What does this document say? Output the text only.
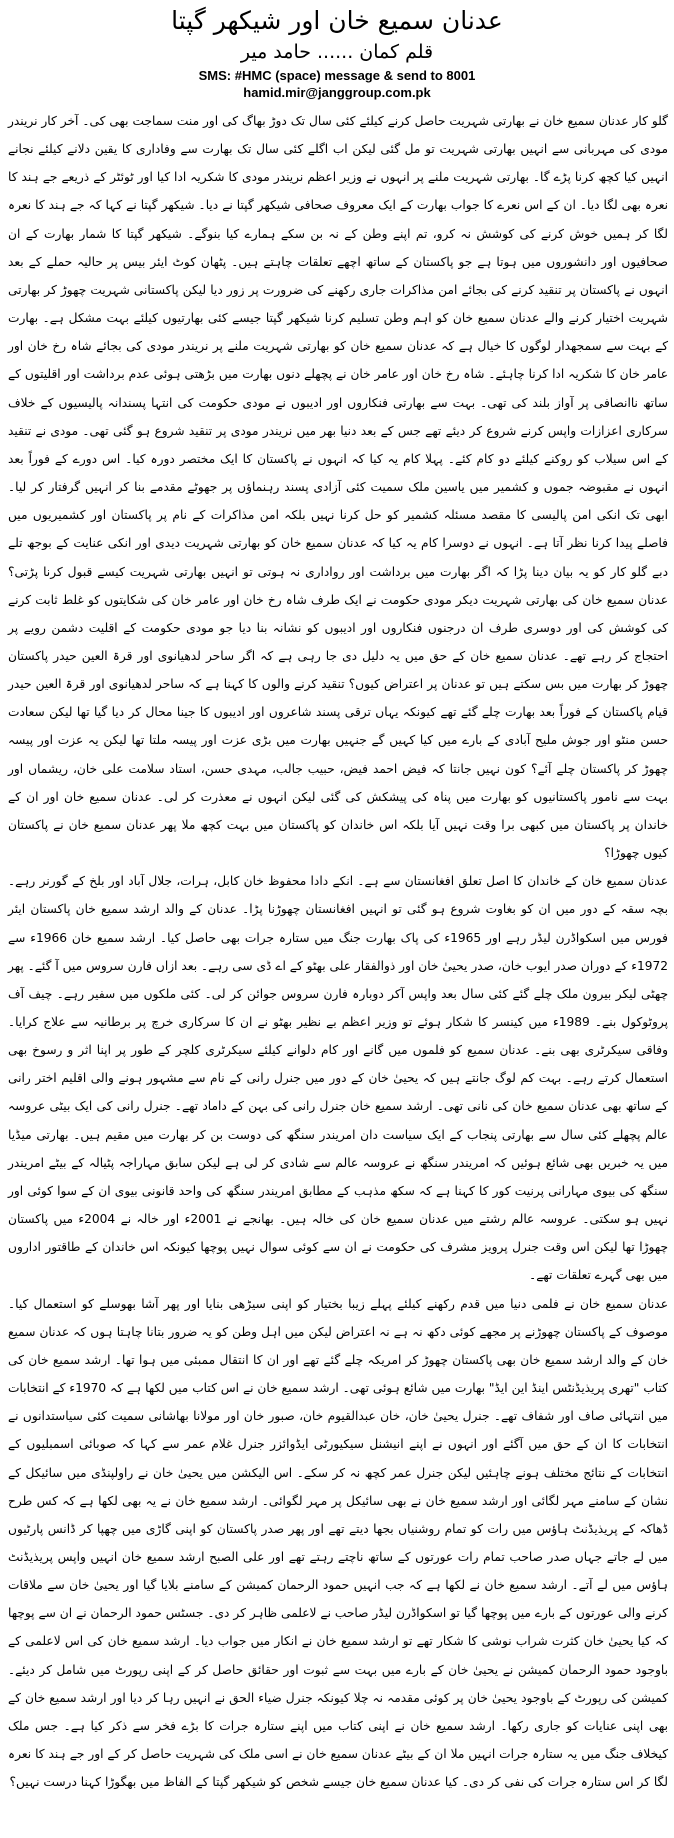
عدنان سمیع خان اور شیکھر گپتا
قلم کمان ...... حامد میر
SMS: #HMC (space) message & send to 8001
hamid.mir@janggroup.com.pk

گلو کار عدنان سمیع خان نے بھارتی شہریت حاصل کرنے کیلئے کئی سال تک دوڑ بھاگ کی اور منت سماجت بھی کی۔ آخر کار نریندر مودی کی مہربانی سے انہیں بھارتی شہریت تو مل گئی لیکن اب اگلے کئی سال تک بھارت سے وفاداری کا یقین دلانے کیلئے نجانے انہیں کیا کچھ کرنا پڑے گا۔ بھارتی شہریت ملنے پر انہوں نے وزیر اعظم نریندر مودی کا شکریہ ادا کیا اور ٹوئٹر کے ذریعے جے ہند کا نعرہ بھی لگا دیا۔ ان کے اس نعرے کا جواب بھارت کے ایک معروف صحافی شیکھر گپتا نے دیا۔ شیکھر گپتا نے کہا کہ جے ہند کا نعرہ لگا کر ہمیں خوش کرنے کی کوشش نہ کرو، تم اپنے وطن کے نہ بن سکے ہمارے کیا بنوگے۔ شیکھر گپتا کا شمار بھارت کے ان صحافیوں اور دانشوروں میں ہوتا ہے جو پاکستان کے ساتھ اچھے تعلقات چاہتے ہیں۔ پٹھان کوٹ ایئر بیس پر حالیہ حملے کے بعد انہوں نے پاکستان پر تنقید کرنے کی بجائے امن مذاکرات جاری رکھنے کی ضرورت پر زور دیا لیکن پاکستانی شہریت چھوڑ کر بھارتی شہریت اختیار کرنے والے عدنان سمیع خان کو اہم وطن تسلیم کرنا شیکھر گپتا جیسے کئی بھارتیوں کیلئے بہت مشکل ہے۔ بھارت کے بہت سے سمجھدار لوگوں کا خیال ہے کہ عدنان سمیع خان کو بھارتی شہریت ملنے پر نریندر مودی کی بجائے شاہ رخ خان اور عامر خان کا شکریہ ادا کرنا چاہئے۔ شاہ رخ خان اور عامر خان نے پچھلے دنوں بھارت میں بڑھتی ہوئی عدم برداشت اور اقلیتوں کے ساتھ ناانصافی پر آواز بلند کی تھی۔ بہت سے بھارتی فنکاروں اور ادیبوں نے مودی حکومت کی انتہا پسندانہ پالیسیوں کے خلاف سرکاری اعزازات واپس کرنے شروع کر دیئے تھے جس کے بعد دنیا بھر میں نریندر مودی پر تنقید شروع ہو گئی تھی۔ مودی نے تنقید کے اس سیلاب کو روکنے کیلئے دو کام کئے۔ پہلا کام یہ کیا کہ انہوں نے پاکستان کا ایک مختصر دورہ کیا۔ اس دورے کے فوراً بعد انہوں نے مقبوضہ جموں و کشمیر میں یاسین ملک سمیت کئی آزادی پسند رہنماؤں پر جھوٹے مقدمے بنا کر انہیں گرفتار کر لیا۔ ابھی تک انکی امن پالیسی کا مقصد مسئلہ کشمیر کو حل کرنا نہیں بلکہ امن مذاکرات کے نام پر پاکستان اور کشمیریوں میں فاصلے پیدا کرنا نظر آتا ہے۔ انہوں نے دوسرا کام یہ کیا کہ عدنان سمیع خان کو بھارتی شہریت دیدی اور انکی عنایت کے بوجھ تلے دبے گلو کار کو یہ بیان دینا پڑا کہ اگر بھارت میں برداشت اور رواداری نہ ہوتی تو انہیں بھارتی شہریت کیسے قبول کرنا پڑتی؟ عدنان سمیع خان کی بھارتی شہریت دیکر مودی حکومت نے ایک طرف شاہ رخ خان اور عامر خان کی شکایتوں کو غلط ثابت کرنے کی کوشش کی اور دوسری طرف ان درجنوں فنکاروں اور ادیبوں کو نشانہ بنا دیا جو مودی حکومت کے اقلیت دشمن رویے پر احتجاج کر رہے تھے۔ عدنان سمیع خان کے حق میں یہ دلیل دی جا رہی ہے کہ اگر ساحر لدھیانوی اور قرۃ العین حیدر پاکستان چھوڑ کر بھارت میں بس سکتے ہیں تو عدنان پر اعتراض کیوں؟ تنقید کرنے والوں کا کہنا ہے کہ ساحر لدھیانوی اور قرۃ العین حیدر قیام پاکستان کے فوراً بعد بھارت چلے گئے تھے کیونکہ یہاں ترقی پسند شاعروں اور ادیبوں کا جینا محال کر دیا گیا تھا لیکن سعادت حسن منٹو اور جوش ملیح آبادی کے بارے میں کیا کہیں گے جنہیں بھارت میں بڑی عزت اور پیسہ ملتا تھا لیکن یہ عزت اور پیسہ چھوڑ کر پاکستان چلے آئے؟ کون نہیں جانتا کہ فیض احمد فیض، حبیب جالب، مہدی حسن، استاد سلامت علی خان، ریشماں اور بہت سے نامور پاکستانیوں کو بھارت میں پناہ کی پیشکش کی گئی لیکن انہوں نے معذرت کر لی۔ عدنان سمیع خان اور ان کے خاندان پر پاکستان میں کبھی برا وقت نہیں آیا بلکہ اس خاندان کو پاکستان میں بہت کچھ ملا پھر عدنان سمیع خان نے پاکستان کیوں چھوڑا؟

عدنان سمیع خان کے خاندان کا اصل تعلق افغانستان سے ہے۔ انکے دادا محفوظ خان کابل، ہرات، جلال آباد اور بلخ کے گورنر رہے۔ بچہ سقہ کے دور میں ان کو بغاوت شروع ہو گئی تو انہیں افغانستان چھوڑنا پڑا۔ عدنان کے والد ارشد سمیع خان پاکستان ایئر فورس میں اسکواڈرن لیڈر رہے اور 1965ء کی پاک بھارت جنگ میں ستارہ جرات بھی حاصل کیا۔ ارشد سمیع خان 1966ء سے 1972ء کے دوران صدر ایوب خان، صدر یحییٰ خان اور ذوالفقار علی بھٹو کے اے ڈی سی رہے۔ بعد ازاں فارن سروس میں آ گئے۔ پھر چھٹی لیکر بیرون ملک چلے گئے کئی سال بعد واپس آکر دوبارہ فارن سروس جوائن کر لی۔ کئی ملکوں میں سفیر رہے۔ چیف آف پروٹوکول بنے۔ 1989ء میں کینسر کا شکار ہوئے تو وزیر اعظم بے نظیر بھٹو نے ان کا سرکاری خرچ پر برطانیہ سے علاج کرایا۔ وفاقی سیکرٹری بھی بنے۔ عدنان سمیع کو فلموں میں گانے اور کام دلوانے کیلئے سیکرٹری کلچر کے طور پر اپنا اثر و رسوخ بھی استعمال کرتے رہے۔ بہت کم لوگ جانتے ہیں کہ یحییٰ خان کے دور میں جنرل رانی کے نام سے مشہور ہونے والی اقلیم اختر رانی کے ساتھ بھی عدنان سمیع خان کی نانی تھی۔ ارشد سمیع خان جنرل رانی کی بہن کے داماد تھے۔ جنرل رانی کی ایک بیٹی عروسہ عالم پچھلے کئی سال سے بھارتی پنجاب کے ایک سیاست دان امریندر سنگھ کی دوست بن کر بھارت میں مقیم ہیں۔ بھارتی میڈیا میں یہ خبریں بھی شائع ہوئیں کہ امریندر سنگھ نے عروسہ عالم سے شادی کر لی ہے لیکن سابق مہاراجہ پٹیالہ کے بیٹے امریندر سنگھ کی بیوی مہارانی پرنیت کور کا کہنا ہے کہ سکھ مذہب کے مطابق امریندر سنگھ کی واحد قانونی بیوی ان کے سوا کوئی اور نہیں ہو سکتی۔ عروسہ عالم رشتے میں عدنان سمیع خان کی خالہ ہیں۔ بھانجے نے 2001ء اور خالہ نے 2004ء میں پاکستان چھوڑا تھا لیکن اس وقت جنرل پرویز مشرف کی حکومت نے ان سے کوئی سوال نہیں پوچھا کیونکہ اس خاندان کے طاقتور اداروں میں بھی گہرے تعلقات تھے۔

عدنان سمیع خان نے فلمی دنیا میں قدم رکھنے کیلئے پہلے زیبا بختیار کو اپنی سیڑھی بنایا اور پھر آشا بھوسلے کو استعمال کیا۔ موصوف کے پاکستان چھوڑنے پر مجھے کوئی دکھ نہ ہے نہ اعتراض لیکن میں اہل وطن کو یہ ضرور بتانا چاہتا ہوں کہ عدنان سمیع خان کے والد ارشد سمیع خان بھی پاکستان چھوڑ کر امریکہ چلے گئے تھے اور ان کا انتقال ممبئی میں ہوا تھا۔ ارشد سمیع خان کی کتاب "تھری پریذیڈنٹس اینڈ این ایڈ" بھارت میں شائع ہوئی تھی۔ ارشد سمیع خان نے اس کتاب میں لکھا ہے کہ 1970ء کے انتخابات میں انتہائی صاف اور شفاف تھے۔ جنرل یحییٰ خان، خان عبدالقیوم خان، صبور خان اور مولانا بھاشانی سمیت کئی سیاستدانوں نے انتخابات کا ان کے حق میں آگئے اور انہوں نے اپنے انیشنل سیکیورٹی ایڈوائزر جنرل غلام عمر سے کہا کہ صوبائی اسمبلیوں کے انتخابات کے نتائج مختلف ہونے چاہئیں لیکن جنرل عمر کچھ نہ کر سکے۔ اس الیکشن میں یحییٰ خان نے راولپنڈی میں سائیکل کے نشان کے سامنے مہر لگائی اور ارشد سمیع خان نے بھی سائیکل پر مہر لگوائی۔ ارشد سمیع خان نے یہ بھی لکھا ہے کہ کس طرح ڈھاکہ کے پریذیڈنٹ ہاؤس میں رات کو تمام روشنیاں بجھا دیتے تھے اور پھر صدر پاکستان کو اپنی گاڑی میں چھپا کر ڈانس پارٹیوں میں لے جاتے جہاں صدر صاحب تمام رات عورتوں کے ساتھ ناچتے رہتے تھے اور علی الصبح ارشد سمیع خان انہیں واپس پریذیڈنٹ ہاؤس میں لے آتے۔ ارشد سمیع خان نے لکھا ہے کہ جب انہیں حمود الرحمان کمیشن کے سامنے بلایا گیا اور یحییٰ خان سے ملاقات کرنے والی عورتوں کے بارے میں پوچھا گیا تو اسکواڈرن لیڈر صاحب نے لاعلمی ظاہر کر دی۔ جسٹس حمود الرحمان نے ان سے پوچھا کہ کیا یحییٰ خان کثرت شراب نوشی کا شکار تھے تو ارشد سمیع خان نے انکار میں جواب دیا۔ ارشد سمیع خان کی اس لاعلمی کے باوجود حمود الرحمان کمیشن نے یحییٰ خان کے بارے میں بہت سے ثبوت اور حقائق حاصل کر کے اپنی رپورٹ میں شامل کر دیئے۔ کمیشن کی رپورٹ کے باوجود یحییٰ خان پر کوئی مقدمہ نہ چلا کیونکہ جنرل ضیاء الحق نے انہیں رہا کر دیا اور ارشد سمیع خان کے بھی اپنی عنایات کو جاری رکھا۔ ارشد سمیع خان نے اپنی کتاب میں اپنے ستارہ جرات کا بڑے فخر سے ذکر کیا ہے۔ جس ملک کیخلاف جنگ میں یہ ستارہ جرات انہیں ملا ان کے بیٹے عدنان سمیع خان نے اسی ملک کی شہریت حاصل کر کے اور جے ہند کا نعرہ لگا کر اس ستارہ جرات کی نفی کر دی۔ کیا عدنان سمیع خان جیسے شخص کو شیکھر گپتا کے الفاظ میں بھگوڑا کہنا درست نہیں؟
